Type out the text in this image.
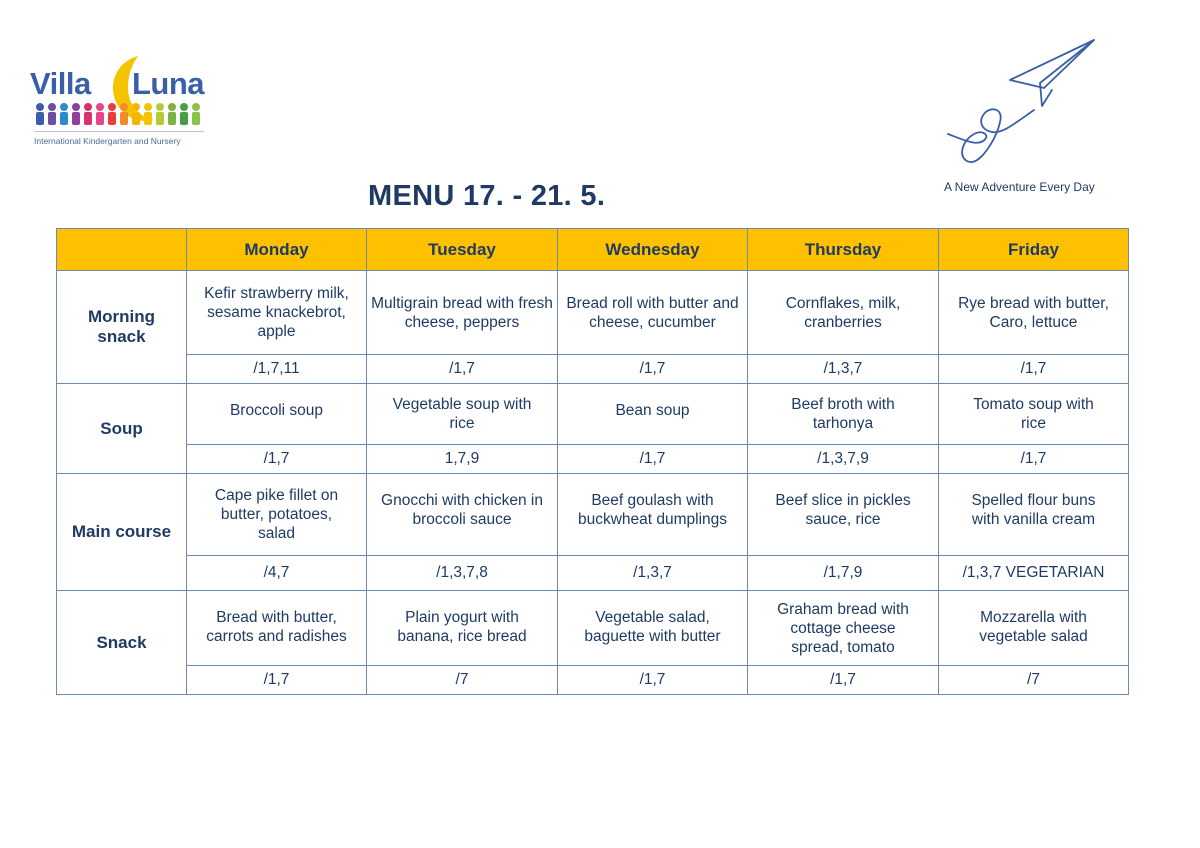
Villa Luna
International Kindergarten and Nursery
A New Adventure Every Day
MENU 17. - 21. 5.
	Monday	Tuesday	Wednesday	Thursday	Friday
Morning snack	Kefir strawberry milk, sesame knackebrot, apple	Multigrain bread with fresh cheese, peppers	Bread roll with butter and cheese, cucumber	Cornflakes, milk, cranberries	Rye bread with butter, Caro, lettuce
	/1,7,11	/1,7	/1,7	/1,3,7	/1,7
Soup	Broccoli soup	Vegetable soup with rice	Bean soup	Beef broth with tarhonya	Tomato soup with rice
	/1,7	1,7,9	/1,7	/1,3,7,9	/1,7
Main course	Cape pike fillet on butter, potatoes, salad	Gnocchi with chicken in broccoli sauce	Beef goulash with buckwheat dumplings	Beef slice in pickles sauce, rice	Spelled flour buns with vanilla cream
	/4,7	/1,3,7,8	/1,3,7	/1,7,9	/1,3,7 VEGETARIAN
Snack	Bread with butter, carrots and radishes	Plain yogurt with banana, rice bread	Vegetable salad, baguette with butter	Graham bread with cottage cheese spread, tomato	Mozzarella with vegetable salad
	/1,7	/7	/1,7	/1,7	/7
